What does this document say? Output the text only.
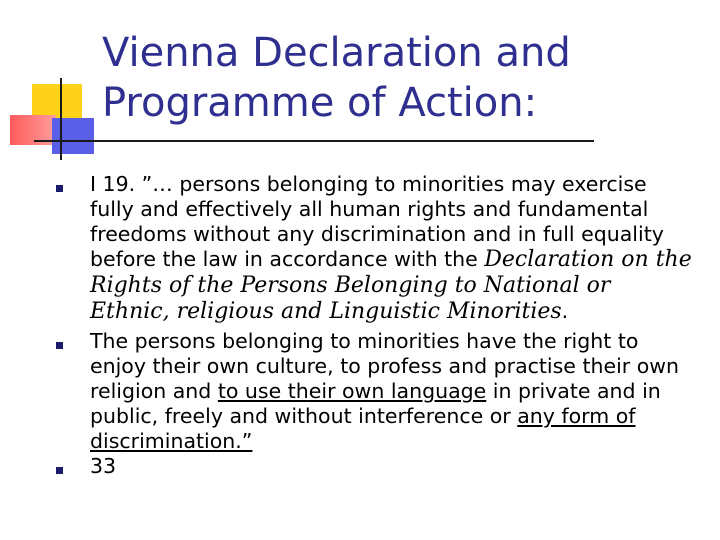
Vienna Declaration and
Programme of Action:
I 19. ”… persons belonging to minorities may exercise fully and effectively all human rights and fundamental freedoms without any discrimination and in full equality before the law in accordance with the Declaration on the Rights of the Persons Belonging to National or Ethnic, religious and Linguistic Minorities.
The persons belonging to minorities have the right to enjoy their own culture, to profess and practise their own religion and to use their own language in private and in public, freely and without interference or any form of discrimination.”
33
